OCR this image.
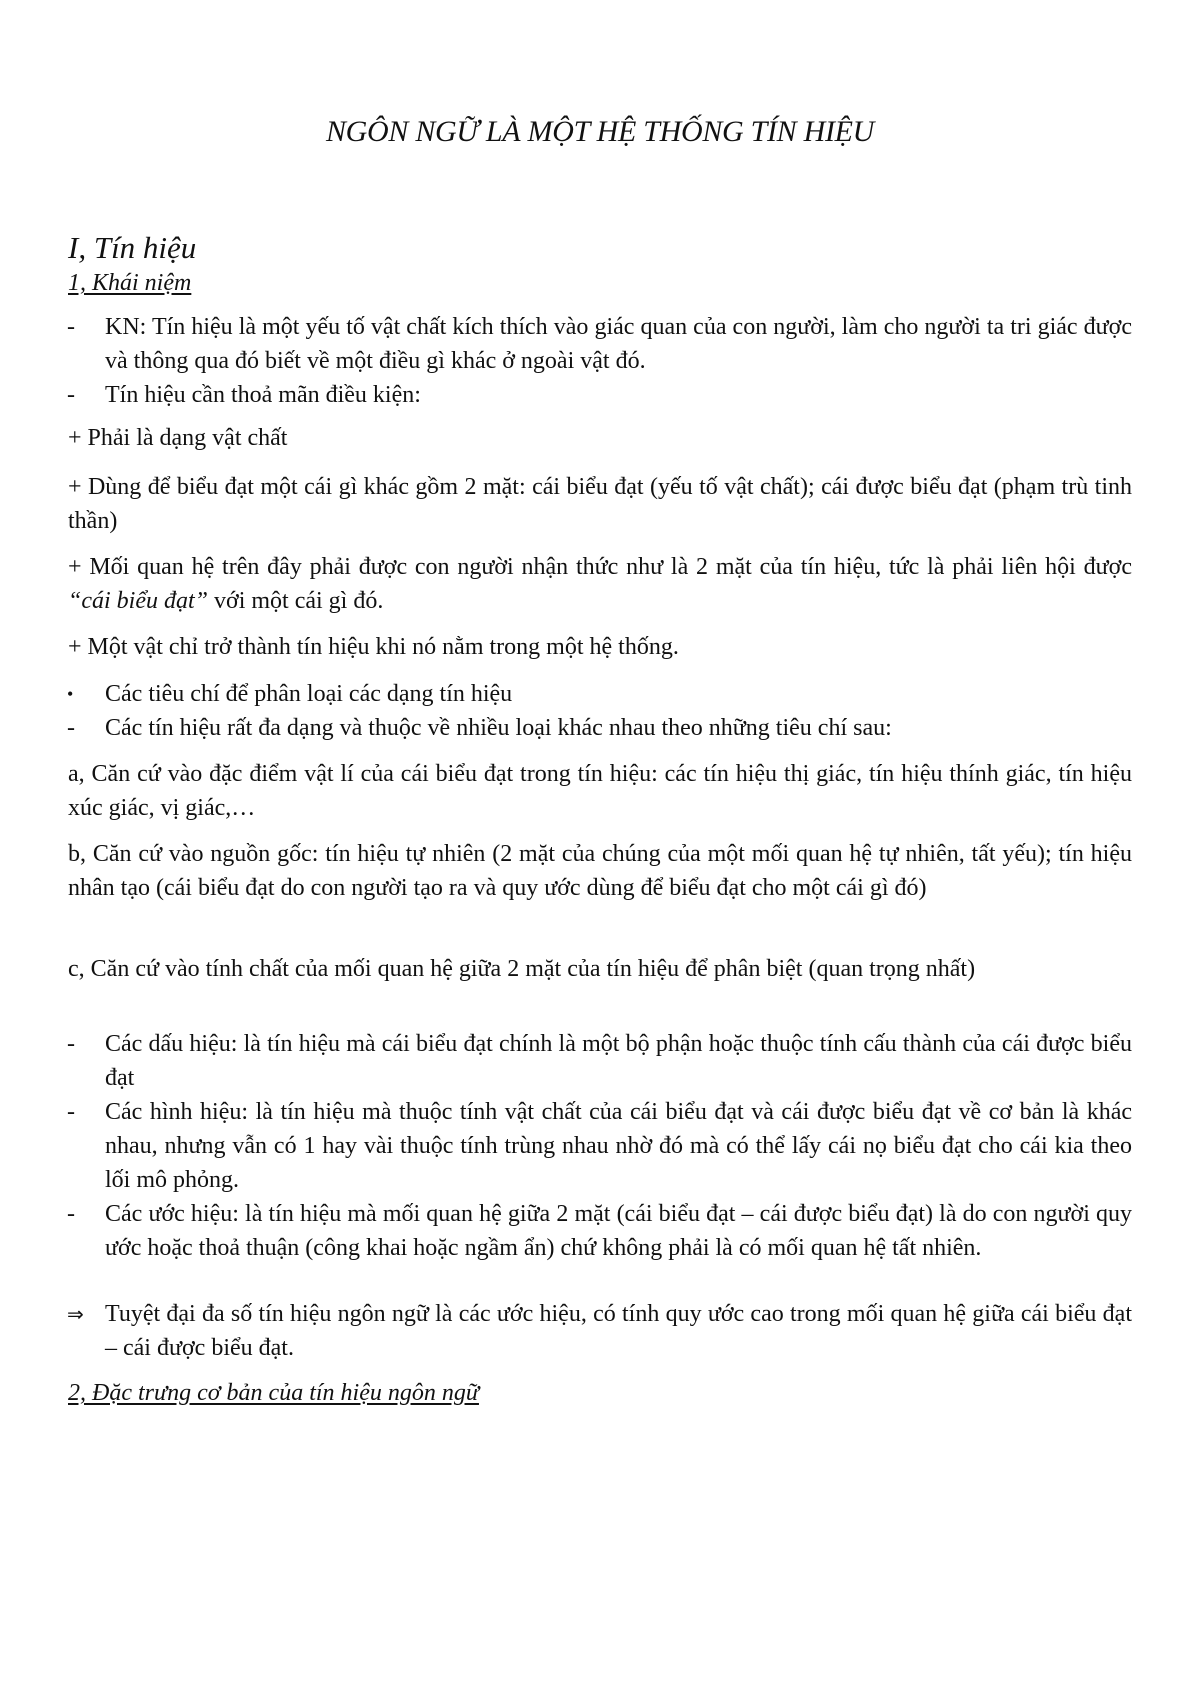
NGÔN NGỮ LÀ MỘT HỆ THỐNG TÍN HIỆU
I, Tín hiệu
1, Khái niệm
-	KN: Tín hiệu là một yếu tố vật chất kích thích vào giác quan của con người, làm cho người ta tri giác được và thông qua đó biết về một điều gì khác ở ngoài vật đó.
-	Tín hiệu cần thoả mãn điều kiện:
+ Phải là dạng vật chất
+ Dùng để biểu đạt một cái gì khác gồm 2 mặt: cái biểu đạt (yếu tố vật chất); cái được biểu đạt (phạm trù tinh thần)
+ Mối quan hệ trên đây phải được con người nhận thức như là 2 mặt của tín hiệu, tức là phải liên hội được “cái biểu đạt” với một cái gì đó.
+ Một vật chỉ trở thành tín hiệu khi nó nằm trong một hệ thống.
•	Các tiêu chí để phân loại các dạng tín hiệu
-	Các tín hiệu rất đa dạng và thuộc về nhiều loại khác nhau theo những tiêu chí sau:
a, Căn cứ vào đặc điểm vật lí của cái biểu đạt trong tín hiệu: các tín hiệu thị giác, tín hiệu thính giác, tín hiệu xúc giác, vị giác,…
b, Căn cứ vào nguồn gốc: tín hiệu tự nhiên (2 mặt của chúng của một mối quan hệ tự nhiên, tất yếu); tín hiệu nhân tạo (cái biểu đạt do con người tạo ra và quy ước dùng để biểu đạt cho một cái gì đó)
c, Căn cứ vào tính chất của mối quan hệ giữa 2 mặt của tín hiệu để phân biệt (quan trọng nhất)
-	Các dấu hiệu: là tín hiệu mà cái biểu đạt chính là một bộ phận hoặc thuộc tính cấu thành của cái được biểu đạt
-	Các hình hiệu: là tín hiệu mà thuộc tính vật chất của cái biểu đạt và cái được biểu đạt về cơ bản là khác nhau, nhưng vẫn có 1 hay vài thuộc tính trùng nhau nhờ đó mà có thể lấy cái nọ biểu đạt cho cái kia theo lối mô phỏng.
-	Các ước hiệu: là tín hiệu mà mối quan hệ giữa 2 mặt (cái biểu đạt – cái được biểu đạt) là do con người quy ước hoặc thoả thuận (công khai hoặc ngầm ẩn) chứ không phải là có mối quan hệ tất nhiên.
⇒ Tuyệt đại đa số tín hiệu ngôn ngữ là các ước hiệu, có tính quy ước cao trong mối quan hệ giữa cái biểu đạt – cái được biểu đạt.
2, Đặc trưng cơ bản của tín hiệu ngôn ngữ
